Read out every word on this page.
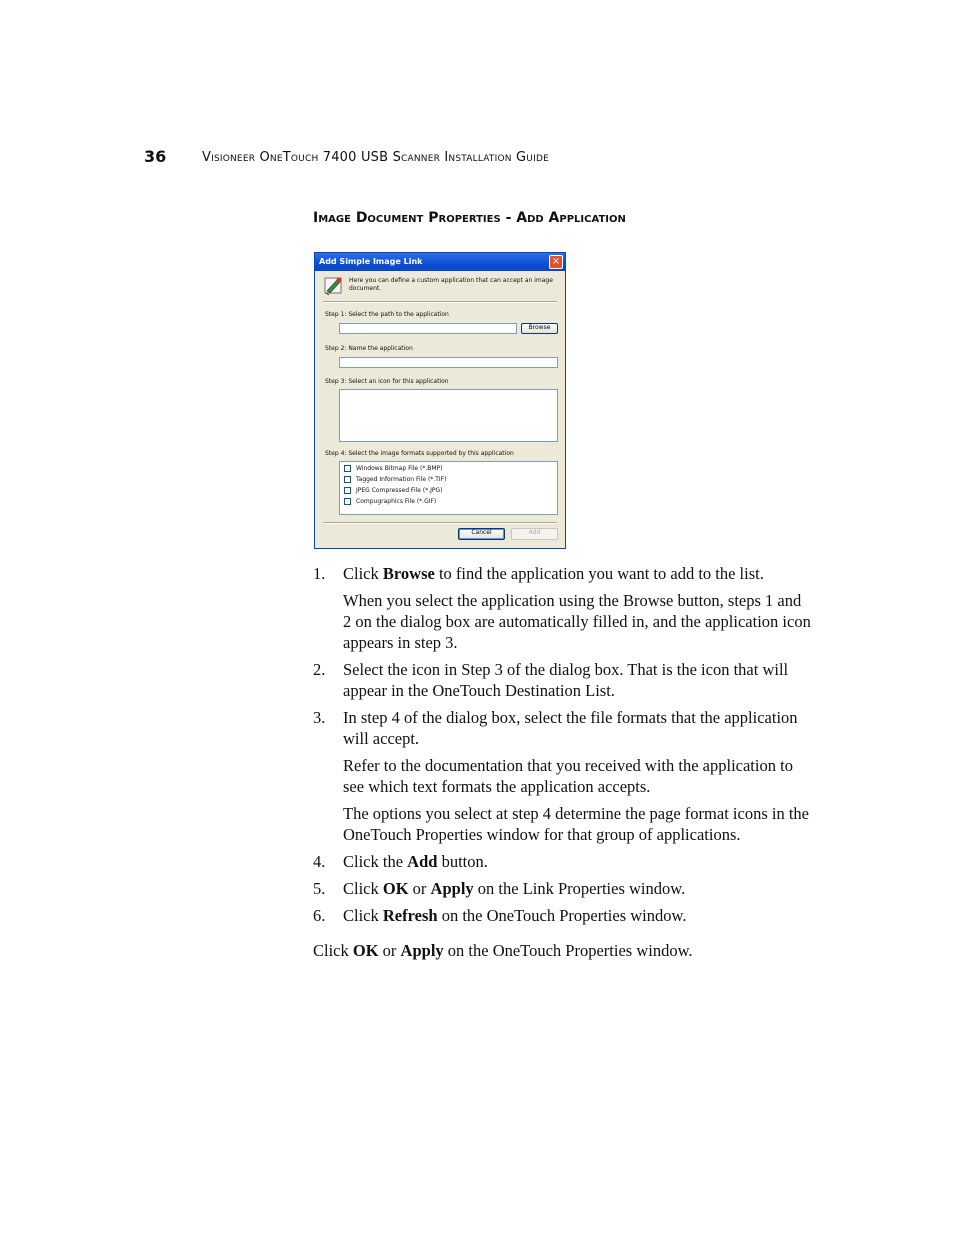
36	Visioneer OneTouch 7400 USB Scanner Installation Guide
Image Document Properties - Add Application
Add Simple Image Link	×
Here you can define a custom application that can accept an image document.
Step 1: Select the path to the application
Browse
Step 2: Name the application
Step 3: Select an icon for this application
Step 4: Select the image formats supported by this application
Windows Bitmap File (*.BMP)
Tagged Information File (*.TIF)
JPEG Compressed File (*.JPG)
Compugraphics File (*.GIF)
Cancel	Add
1. Click Browse to find the application you want to add to the list.

When you select the application using the Browse button, steps 1 and 2 on the dialog box are automatically filled in, and the application icon appears in step 3.

2. Select the icon in Step 3 of the dialog box. That is the icon that will appear in the OneTouch Destination List.
3. In step 4 of the dialog box, select the file formats that the application will accept.

Refer to the documentation that you received with the application to see which text formats the application accepts.

The options you select at step 4 determine the page format icons in the OneTouch Properties window for that group of applications.

4. Click the Add button.
5. Click OK or Apply on the Link Properties window.
6. Click Refresh on the OneTouch Properties window.

Click OK or Apply on the OneTouch Properties window.
